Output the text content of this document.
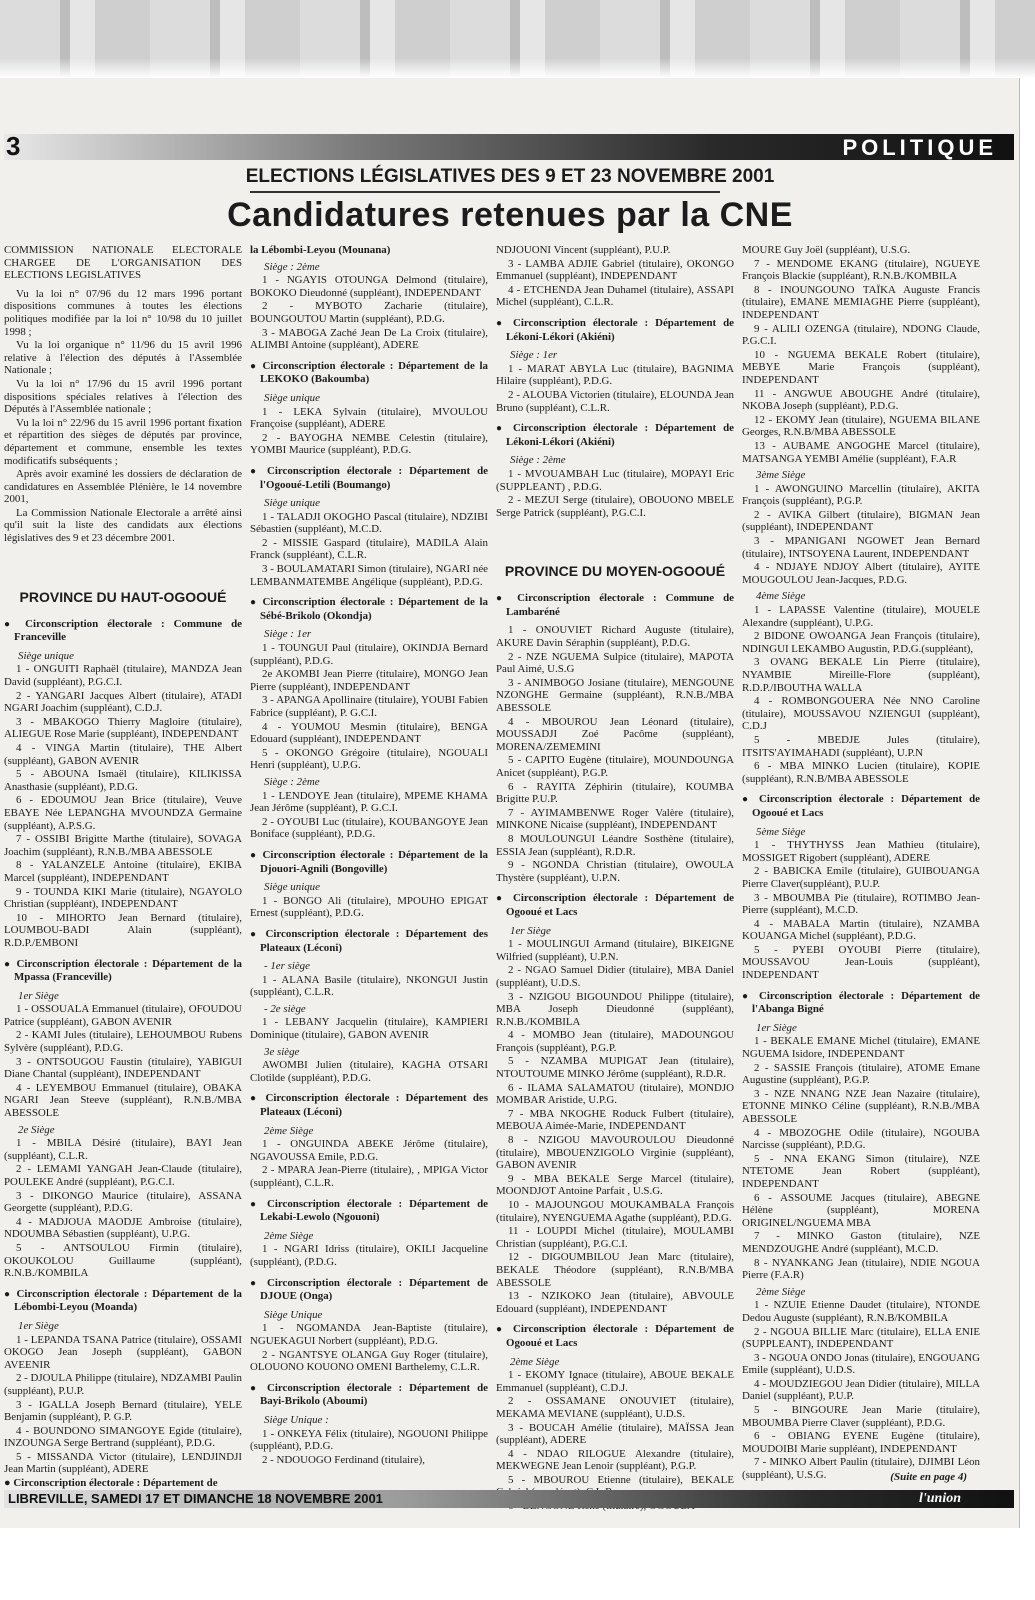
3	POLITIQUE
ELECTIONS LÉGISLATIVES DES 9 ET 23 NOVEMBRE 2001
Candidatures retenues par la CNE

COMMISSION NATIONALE ELECTORALE CHARGEE DE L'ORGANISATION DES ELECTIONS LEGISLATIVES

Vu la loi n° 07/96 du 12 mars 1996 portant dispositions communes à toutes les élections politiques modifiée par la loi n° 10/98 du 10 juillet 1998 ;

Vu la loi organique n° 11/96 du 15 avril 1996 relative à l'élection des députés à l'Assemblée Nationale ;

Vu la loi n° 17/96 du 15 avril 1996 portant dispositions spéciales relatives à l'élection des Députés à l'Assemblée nationale ;

Vu la loi n° 22/96 du 15 avril 1996 portant fixation et répartition des sièges de députés par province, département et commune, ensemble les textes modificatifs subséquents ;

Après avoir examiné les dossiers de déclaration de candidatures en Assemblée Plénière, le 14 novembre 2001,

La Commission Nationale Electorale a arrêté ainsi qu'il suit la liste des candidats aux élections législatives des 9 et 23 décembre 2001.

PROVINCE DU HAUT-OGOOUÉ

● Circonscription électorale : Commune de Franceville

Siège unique

1 - ONGUITI Raphaël (titulaire), MANDZA Jean David (suppléant), P.G.C.I.

2 - YANGARI Jacques Albert (titulaire), ATADI NGARI Joachim (suppléant), C.D.J.

3 - MBAKOGO Thierry Magloire (titulaire), ALIEGUE Rose Marie (suppléant), INDEPENDANT

4 - VINGA Martin (titulaire), THE Albert (suppléant), GABON AVENIR

5 - ABOUNA Ismaël (titulaire), KILIKISSA Anasthasie (suppléant), P.D.G.

6 - EDOUMOU Jean Brice (titulaire), Veuve EBAYE Née LEPANGHA MVOUNDZA Germaine (suppléant), A.P.S.G.

7 - OSSIBI Brigitte Marthe (titulaire), SOVAGA Joachim (suppléant), R.N.B./MBA ABESSOLE

8 - YALANZELE Antoine (titulaire), EKIBA Marcel (suppléant), INDEPENDANT

9 - TOUNDA KIKI Marie (titulaire), NGAYOLO Christian (suppléant), INDEPENDANT

10 - MIHORTO Jean Bernard (titulaire), LOUMBOU-BADI Alain (suppléant), R.D.P./EMBONI

● Circonscription électorale : Département de la Mpassa (Franceville)

1er Siège

1 - OSSOUALA Emmanuel (titulaire), OFOUDOU Patrice (suppléant), GABON AVENIR

2 - KAMI Jules (titulaire), LEHOUMBOU Rubens Sylvère (suppléant), P.D.G.

3 - ONTSOUGOU Faustin (titulaire), YABIGUI Diane Chantal (suppléant), INDEPENDANT

4 - LEYEMBOU Emmanuel (titulaire), OBAKA NGARI Jean Steeve (suppléant), R.N.B./MBA ABESSOLE

2e Siège

1 - MBILA Désiré (titulaire), BAYI Jean (suppléant), C.L.R.

2 - LEMAMI YANGAH Jean-Claude (titulaire), POULEKE André (suppléant), P.G.C.I.

3 - DIKONGO Maurice (titulaire), ASSANA Georgette (suppléant), P.D.G.

4 - MADJOUA MAODJE Ambroise (titulaire), NDOUMBA Sébastien (suppléant), U.P.G.

5 - ANTSOULOU Firmin (titulaire), OKOUKOLOU Guillaume (suppléant), R.N.B./KOMBILA

● Circonscription électorale : Département de la Lébombi-Leyou (Moanda)

1er Siège

1 - LEPANDA TSANA Patrice (titulaire), OSSAMI OKOGO Jean Joseph (suppléant), GABON AVEENIR

2 - DJOULA Philippe (titulaire), NDZAMBI Paulin (suppléant), P.U.P.

3 - IGALLA Joseph Bernard (titulaire), YELE Benjamin (suppléant), P. G.P.

4 - BOUNDONO SIMANGOYE Egide (titulaire), INZOUNGA Serge Bertrand (suppléant), P.D.G.

5 - MISSANDA Victor (titulaire), LENDJINDJI Jean Martin (suppléant), ADERE

● Circonscription électorale : Département de

la Lébombi-Leyou (Mounana)

Siège : 2ème

1 - NGAYIS OTOUNGA Delmond (titulaire), BOKOKO Dieudonné (suppléant), INDEPENDANT

2 - MYBOTO Zacharie (titulaire), BOUNGOUTOU Martin (suppléant), P.D.G.

3 - MABOGA Zaché Jean De La Croix (titulaire), ALIMBI Antoine (suppléant), ADERE

● Circonscription électorale : Département de la LEKOKO (Bakoumba)

Siège unique

1 - LEKA Sylvain (titulaire), MVOULOU Françoise (suppléant), ADERE

2 - BAYOGHA NEMBE Celestin (titulaire), YOMBI Maurice (suppléant), P.D.G.

● Circonscription électorale : Département de l'Ogooué-Letili (Boumango)

Siège unique

1 - TALADJI OKOGHO Pascal (titulaire), NDZIBI Sébastien (suppléant), M.C.D.

2 - MISSIE Gaspard (titulaire), MADILA Alain Franck (suppléant), C.L.R.

3 - BOULAMATARI Simon (titulaire), NGARI née LEMBANMATEMBE Angélique (suppléant), P.D.G.

● Circonscription électorale : Département de la Sébé-Brikolo (Okondja)

Siège : 1er

1 - TOUNGUI Paul (titulaire), OKINDJA Bernard (suppléant), P.D.G.

2e AKOMBI Jean Pierre (titulaire), MONGO Jean Pierre (suppléant), INDEPENDANT

3 - APANGA Apollinaire (titulaire), YOUBI Fabien Fabrice (suppléant), P. G.C.I.

4 - YOUMOU Mesmin (titulaire), BENGA Edouard (suppléant), INDEPENDANT

5 - OKONGO Grégoire (titulaire), NGOUALI Henri (suppléant), U.P.G.

Siège : 2ème

1 - LENDOYE Jean (titulaire), MPEME KHAMA Jean Jérôme (suppléant), P. G.C.I.

2 - OYOUBI Luc (titulaire), KOUBANGOYE Jean Boniface (suppléant), P.D.G.

● Circonscription électorale : Département de la Djouori-Agnili (Bongoville)

Siège unique

1 - BONGO Ali (titulaire), MPOUHO EPIGAT Ernest (suppléant), P.D.G.

● Circonscription électorale : Département des Plateaux (Léconi)

- 1er siège

1 - ALANA Basile (titulaire), NKONGUI Justin (suppléant), C.L.R.

- 2e siège

1 - LEBANY Jacquelin (titulaire), KAMPIERI Dominique (titulaire), GABON AVENIR

3e siège

AWOMBI Julien (titulaire), KAGHA OTSARI Clotilde (suppléant), P.D.G.

● Circonscription électorale : Département des Plateaux (Léconi)

2ème Siège

1 - ONGUINDA ABEKE Jérôme (titulaire), NGAVOUSSA Emile, P.D.G.

2 - MPARA Jean-Pierre (titulaire), , MPIGA Victor (suppléant), C.L.R.

● Circonscription électorale : Département de Lekabi-Lewolo (Ngouoni)

2ème Siège

1 - NGARI Idriss (titulaire), OKILI Jacqueline (suppléant), (P.D.G.

● Circonscription électorale : Département de DJOUE (Onga)

Siège Unique

1 - NGOMANDA Jean-Baptiste (titulaire), NGUEKAGUI Norbert (suppléant), P.D.G.

2 - NGANTSYE OLANGA Guy Roger (titulaire), OLOUONO KOUONO OMENI Barthelemy, C.L.R.

● Circonscription électorale : Département de Bayi-Brikolo (Aboumi)

Siège Unique :

1 - ONKEYA Félix (titulaire), NGOUONI Philippe (suppléant), P.D.G.

2 - NDOUOGO Ferdinand (titulaire),

NDJOUONI Vincent (suppléant), P.U.P.

3 - LAMBA ADJIE Gabriel (titulaire), OKONGO Emmanuel (suppléant), INDEPENDANT

4 - ETCHENDA Jean Duhamel (titulaire), ASSAPI Michel (suppléant), C.L.R.

● Circonscription électorale : Département de Lékoni-Lékori (Akiéni)

Siège : 1er

1 - MARAT ABYLA Luc (titulaire), BAGNIMA Hilaire (suppléant), P.D.G.

2 - ALOUBA Victorien (titulaire), ELOUNDA Jean Bruno (suppléant), C.L.R.

● Circonscription électorale : Département de Lékoni-Lékori (Akiéni)

Siège : 2ème

1 - MVOUAMBAH Luc (titulaire), MOPAYI Eric (SUPPLEANT) , P.D.G.

2 - MEZUI Serge (titulaire), OBOUONO MBELE Serge Patrick (suppléant), P.G.C.I.

PROVINCE DU MOYEN-OGOOUÉ

● Circonscription électorale : Commune de Lambaréné

1 - ONOUVIET Richard Auguste (titulaire), AKURE Davin Séraphin (suppléant), P.D.G.

2 - NZE NGUEMA Sulpice (titulaire), MAPOTA Paul Aimé, U.S.G

3 - ANIMBOGO Josiane (titulaire), MENGOUNE NZONGHE Germaine (suppléant), R.N.B./MBA ABESSOLE

4 - MBOUROU Jean Léonard (titulaire), MOUSSADJI Zoé Pacôme (suppléant), MORENA/ZEMEMINI

5 - CAPITO Eugène (titulaire), MOUNDOUNGA Anicet (suppléant), P.G.P.

6 - RAYITA Zéphirin (titulaire), KOUMBA Brigitte P.U.P.

7 - AYIMAMBENWE Roger Valère (titulaire), MINKONE Nicaise (suppléant), INDEPENDANT

8 MOULOUNGUI Léandre Sosthène (titulaire), ESSIA Jean (suppléant), R.D.R.

9 - NGONDA Christian (titulaire), OWOULA Thystère (suppléant), U.P.N.

● Circonscription électorale : Département de Ogooué et Lacs

1er Siège

1 - MOULINGUI Armand (titulaire), BIKEIGNE Wilfried (suppléant), U.P.N.

2 - NGAO Samuel Didier (titulaire), MBA Daniel (suppléant), U.D.S.

3 - NZIGOU BIGOUNDOU Philippe (titulaire), MBA Joseph Dieudonné (suppléant), R.N.B./KOMBILA

4 - MOMBO Jean (titulaire), MADOUNGOU François (suppléant), P.G.P.

5 - NZAMBA MUPIGAT Jean (titulaire), NTOUTOUME MINKO Jérôme (suppléant), R.D.R.

6 - ILAMA SALAMATOU (titulaire), MONDJO MOMBAR Aristide, U.P.G.

7 - MBA NKOGHE Roduck Fulbert (titulaire), MEBOUA Aimée-Marie, INDEPENDANT

8 - NZIGOU MAVOUROULOU Dieudonné (titulaire), MBOUENZIGOLO Virginie (suppléant), GABON AVENIR

9 - MBA BEKALE Serge Marcel (titulaire), MOONDJOT Antoine Parfait , U.S.G.

10 - MAJOUNGOU MOUKAMBALA François (titulaire), NYENGUEMA Agathe (suppléant), P.D.G.

11 - LOUPDI Michel (titulaire), MOULAMBI Christian (suppléant), P.G.C.I.

12 - DIGOUMBILOU Jean Marc (titulaire), BEKALE Théodore (suppléant), R.N.B/MBA ABESSOLE

13 - NZIKOKO Jean (titulaire), ABVOULE Edouard (suppléant), INDEPENDANT

● Circonscription électorale : Département de Ogooué et Lacs

2ème Siège

1 - EKOMY Ignace (titulaire), ABOUE BEKALE Emmanuel (suppléant), C.D.J.

2 - OSSAMANE ONOUVIET (titulaire), MEKAMA MEVIANE (suppléant), U.D.S.

3 - BOUCAH Amélie (titulaire), MAÏSSA Jean (suppléant), ADERE

4 - NDAO RILOGUE Alexandre (titulaire), MEKWEGNE Jean Lenoir (suppléant), P.G.P.

5 - MBOUROU Etienne (titulaire), BEKALE

MOURE Guy Joël (suppléant), U.S.G.

7 - MENDOME EKANG (titulaire), NGUEYE François Blackie (suppléant), R.N.B./KOMBILA

8 - INOUNGOUNO TAÏKA Auguste Francis (titulaire), EMANE MEMIAGHE Pierre (suppléant), INDEPENDANT

9 - ALILI OZENGA (titulaire), NDONG Claude, P.G.C.I.

10 - NGUEMA BEKALE Robert (titulaire), MEBYE Marie François (suppléant), INDEPENDANT

11 - ANGWUE ABOUGHE André (titulaire), NKOBA Joseph (suppléant), P.D.G.

12 - EKOMY Jean (titulaire), NGUEMA BILANE Georges, R.N.B/MBA ABESSOLE

13 - AUBAME ANGOGHE Marcel (titulaire), MATSANGA YEMBI Amélie (suppléant), F.A.R

3ème Siège

1 - AWONGUINO Marcellin (titulaire), AKITA François (suppléant), P.G.P.

2 - AVIKA Gilbert (titulaire), BIGMAN Jean (suppléant), INDEPENDANT

3 - MPANIGANI NGOWET Jean Bernard (titulaire), INTSOYENA Laurent, INDEPENDANT

4 - NDJAYE NDJOY Albert (titulaire), AYITE MOUGOULOU Jean-Jacques, P.D.G.

4ème Siège

1 - LAPASSE Valentine (titulaire), MOUELE Alexandre (suppléant), U.P.G.

2 BIDONE OWOANGA Jean François (titulaire), NDINGUI LEKAMBO Augustin, P.D.G.(suppléant),

3 OVANG BEKALE Lin Pierre (titulaire), NYAMBIE Mireille-Flore (suppléant), R.D.P./IBOUTHA WALLA

4 - ROMBONGOUERA Née NNO Caroline (titulaire), MOUSSAVOU NZIENGUI (suppléant), C.D.J

5 - MBEDJE Jules (titulaire), ITSITS'AYIMAHADI (suppléant), U.P.N

6 - MBA MINKO Lucien (titulaire), KOPIE (suppléant), R.N.B/MBA ABESSOLE

● Circonscription électorale : Département de Ogooué et Lacs

5ème Siège

1 - THYTHYSS Jean Mathieu (titulaire), MOSSIGET Rigobert (suppléant), ADERE

2 - BABICKA Emile (titulaire), GUIBOUANGA Pierre Claver(suppléant), P.U.P.

3 - MBOUMBA Pie (titulaire), ROTIMBO Jean-Pierre (suppléant), M.C.D.

4 - MABALA Martin (titulaire), NZAMBA KOUANGA Michel (suppléant), P.D.G.

5 - PYEBI OYOUBI Pierre (titulaire), MOUSSAVOU Jean-Louis (suppléant), INDEPENDANT

● Circonscription électorale : Département de l'Abanga Bigné

1er Siège

1 - BEKALE EMANE Michel (titulaire), EMANE NGUEMA Isidore, INDEPENDANT

2 - SASSIE François (titulaire), ATOME Emane Augustine (suppléant), P.G.P.

3 - NZE NNANG NZE Jean Nazaire (titulaire), ETONNE MINKO Céline (suppléant), R.N.B./MBA ABESSOLE

4 - MBOZOGHE Odile (titulaire), NGOUBA Narcisse (suppléant), P.D.G.

5 - NNA EKANG Simon (titulaire), NZE NTETOME Jean Robert (suppléant), INDEPENDANT

6 - ASSOUME Jacques (titulaire), ABEGNE Hélène (suppléant), MORENA ORIGINEL/NGUEMA MBA

7 - MINKO Gaston (titulaire), NZE MENDZOUGHE André (suppléant), M.C.D.

8 - NYANKANG Jean (titulaire), NDIE NGOUA Pierre (F.A.R)

2ème Siège

1 - NZUIE Etienne Daudet (titulaire), NTONDE Dedou Auguste (suppléant), R.N.B/KOMBILA

2 - NGOUA BILLIE Marc (titulaire), ELLA ENIE (SUPPLEANT), INDEPENDANT

3 - NGOUA ONDO Jonas (titulaire), ENGOUANG Emile (suppléant), U.D.S.

4 - MOUDZIEGOU Jean Didier (titulaire), MILLA Daniel (suppléant), P.U.P.

5 - BINGOURE Jean Marie (titulaire), MBOUMBA Pierre Claver (suppléant), P.D.G.

6 - OBIANG EYENE Eugène (titulaire), MOUDOIBI Marie suppléant), INDEPENDANT

7 - MINKO Albert Paulin (titulaire), DJIMBI Léon (suppléant), U.S.G.	(Suite en page 4)
LIBREVILLE, SAMEDI 17 ET DIMANCHE 18 NOVEMBRE 2001	l'union
